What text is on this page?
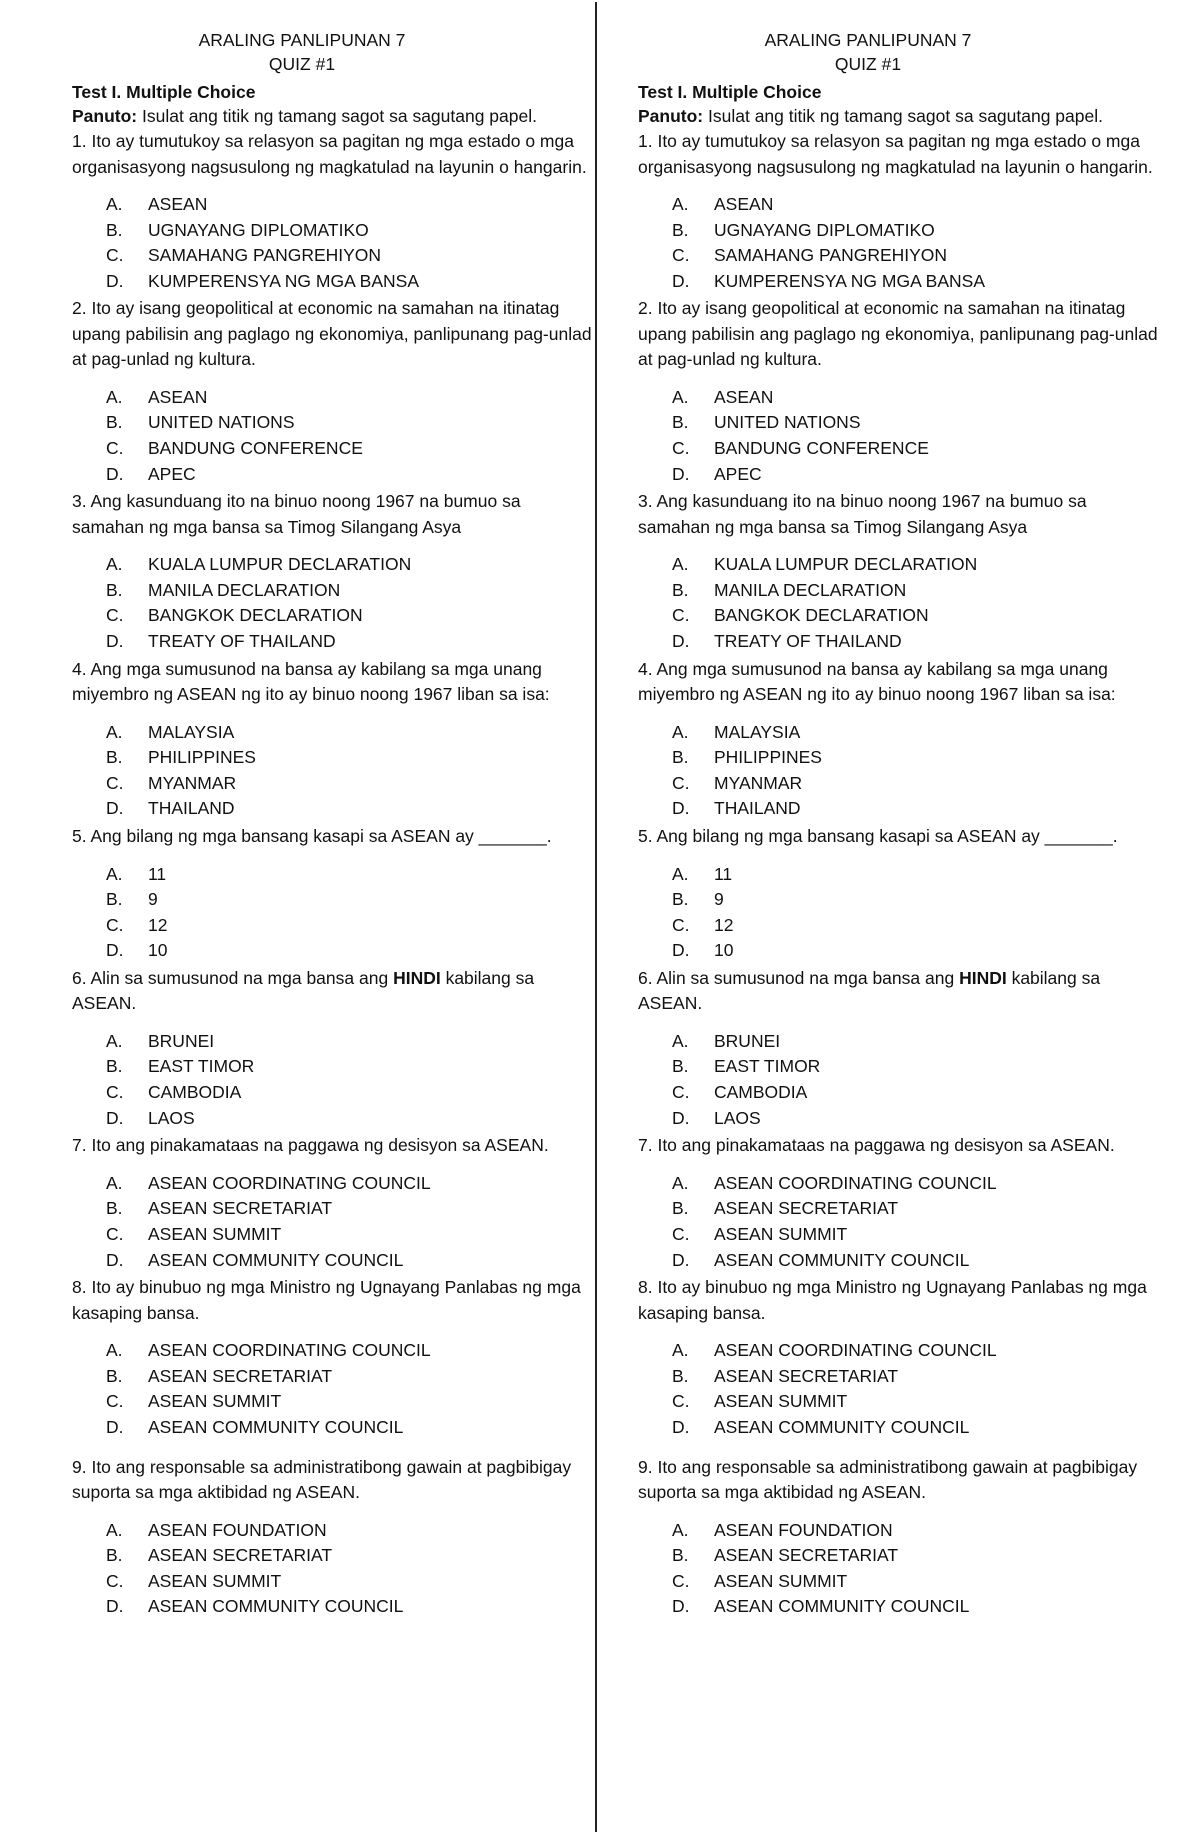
ARALING PANLIPUNAN 7
QUIZ #1
Test I. Multiple Choice
Panuto: Isulat ang titik ng tamang sagot sa sagutang papel.
1. Ito ay tumutukoy sa relasyon sa pagitan ng mga estado o mga organisasyong nagsusulong ng magkatulad na layunin o hangarin.
A. ASEAN
B. UGNAYANG DIPLOMATIKO
C. SAMAHANG PANGREHIYON
D. KUMPERENSYA NG MGA BANSA
2. Ito ay isang geopolitical at economic na samahan na itinatag upang pabilisin ang paglago ng ekonomiya, panlipunang pag-unlad at pag-unlad ng kultura.
A. ASEAN
B. UNITED NATIONS
C. BANDUNG CONFERENCE
D. APEC
3. Ang kasunduang ito na binuo noong 1967 na bumuo sa samahan ng mga bansa sa Timog Silangang Asya
A. KUALA LUMPUR DECLARATION
B. MANILA DECLARATION
C. BANGKOK DECLARATION
D. TREATY OF THAILAND
4. Ang mga sumusunod na bansa ay kabilang sa mga unang miyembro ng ASEAN ng ito ay binuo noong 1967 liban sa isa:
A. MALAYSIA
B. PHILIPPINES
C. MYANMAR
D. THAILAND
5. Ang bilang ng mga bansang kasapi sa ASEAN ay _______.
A. 11
B. 9
C. 12
D. 10
6. Alin sa sumusunod na mga bansa ang HINDI kabilang sa ASEAN.
A. BRUNEI
B. EAST TIMOR
C. CAMBODIA
D. LAOS
7. Ito ang pinakamataas na paggawa ng desisyon sa ASEAN.
A. ASEAN COORDINATING COUNCIL
B. ASEAN SECRETARIAT
C. ASEAN SUMMIT
D. ASEAN COMMUNITY COUNCIL
8. Ito ay binubuo ng mga Ministro ng Ugnayang Panlabas ng mga kasaping bansa.
A. ASEAN COORDINATING COUNCIL
B. ASEAN SECRETARIAT
C. ASEAN SUMMIT
D. ASEAN COMMUNITY COUNCIL
9. Ito ang responsable sa administratibong gawain at pagbibigay suporta sa mga aktibidad ng ASEAN.
A. ASEAN FOUNDATION
B. ASEAN SECRETARIAT
C. ASEAN SUMMIT
D. ASEAN COMMUNITY COUNCIL
ARALING PANLIPUNAN 7
QUIZ #1
Test I. Multiple Choice
Panuto: Isulat ang titik ng tamang sagot sa sagutang papel.
1. Ito ay tumutukoy sa relasyon sa pagitan ng mga estado o mga organisasyong nagsusulong ng magkatulad na layunin o hangarin.
A. ASEAN
B. UGNAYANG DIPLOMATIKO
C. SAMAHANG PANGREHIYON
D. KUMPERENSYA NG MGA BANSA
2. Ito ay isang geopolitical at economic na samahan na itinatag upang pabilisin ang paglago ng ekonomiya, panlipunang pag-unlad at pag-unlad ng kultura.
A. ASEAN
B. UNITED NATIONS
C. BANDUNG CONFERENCE
D. APEC
3. Ang kasunduang ito na binuo noong 1967 na bumuo sa samahan ng mga bansa sa Timog Silangang Asya
A. KUALA LUMPUR DECLARATION
B. MANILA DECLARATION
C. BANGKOK DECLARATION
D. TREATY OF THAILAND
4. Ang mga sumusunod na bansa ay kabilang sa mga unang miyembro ng ASEAN ng ito ay binuo noong 1967 liban sa isa:
A. MALAYSIA
B. PHILIPPINES
C. MYANMAR
D. THAILAND
5. Ang bilang ng mga bansang kasapi sa ASEAN ay _______.
A. 11
B. 9
C. 12
D. 10
6. Alin sa sumusunod na mga bansa ang HINDI kabilang sa ASEAN.
A. BRUNEI
B. EAST TIMOR
C. CAMBODIA
D. LAOS
7. Ito ang pinakamataas na paggawa ng desisyon sa ASEAN.
A. ASEAN COORDINATING COUNCIL
B. ASEAN SECRETARIAT
C. ASEAN SUMMIT
D. ASEAN COMMUNITY COUNCIL
8. Ito ay binubuo ng mga Ministro ng Ugnayang Panlabas ng mga kasaping bansa.
A. ASEAN COORDINATING COUNCIL
B. ASEAN SECRETARIAT
C. ASEAN SUMMIT
D. ASEAN COMMUNITY COUNCIL
9. Ito ang responsable sa administratibong gawain at pagbibigay suporta sa mga aktibidad ng ASEAN.
A. ASEAN FOUNDATION
B. ASEAN SECRETARIAT
C. ASEAN SUMMIT
D. ASEAN COMMUNITY COUNCIL
